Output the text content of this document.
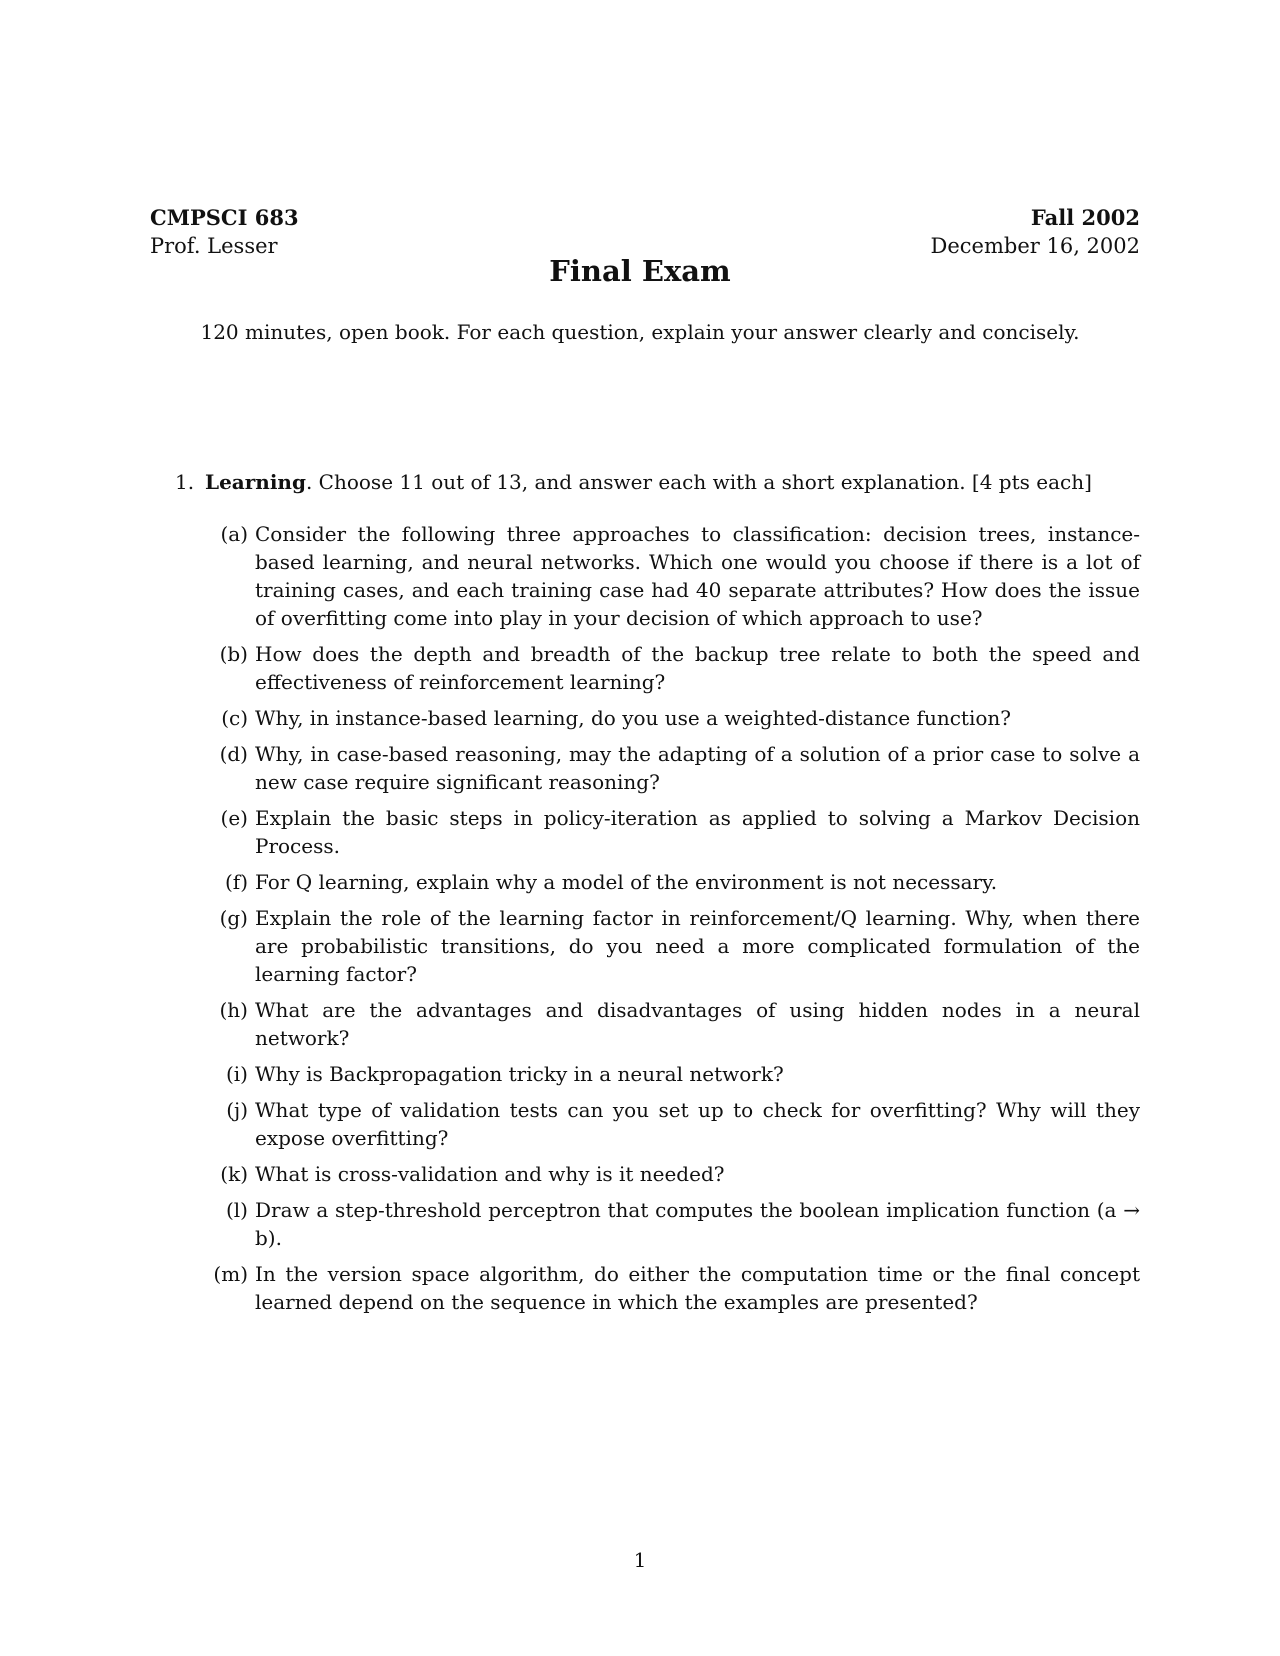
CMPSCI 683
Prof. Lesser
Fall 2002
December 16, 2002
Final Exam
120 minutes, open book. For each question, explain your answer clearly and concisely.
1. Learning. Choose 11 out of 13, and answer each with a short explanation. [4 pts each]
(a) Consider the following three approaches to classification: decision trees, instance-based learning, and neural networks. Which one would you choose if there is a lot of training cases, and each training case had 40 separate attributes? How does the issue of overfitting come into play in your decision of which approach to use?
(b) How does the depth and breadth of the backup tree relate to both the speed and effectiveness of reinforcement learning?
(c) Why, in instance-based learning, do you use a weighted-distance function?
(d) Why, in case-based reasoning, may the adapting of a solution of a prior case to solve a new case require significant reasoning?
(e) Explain the basic steps in policy-iteration as applied to solving a Markov Decision Process.
(f) For Q learning, explain why a model of the environment is not necessary.
(g) Explain the role of the learning factor in reinforcement/Q learning. Why, when there are probabilistic transitions, do you need a more complicated formulation of the learning factor?
(h) What are the advantages and disadvantages of using hidden nodes in a neural network?
(i) Why is Backpropagation tricky in a neural network?
(j) What type of validation tests can you set up to check for overfitting? Why will they expose overfitting?
(k) What is cross-validation and why is it needed?
(l) Draw a step-threshold perceptron that computes the boolean implication function (a → b).
(m) In the version space algorithm, do either the computation time or the final concept learned depend on the sequence in which the examples are presented?
1
